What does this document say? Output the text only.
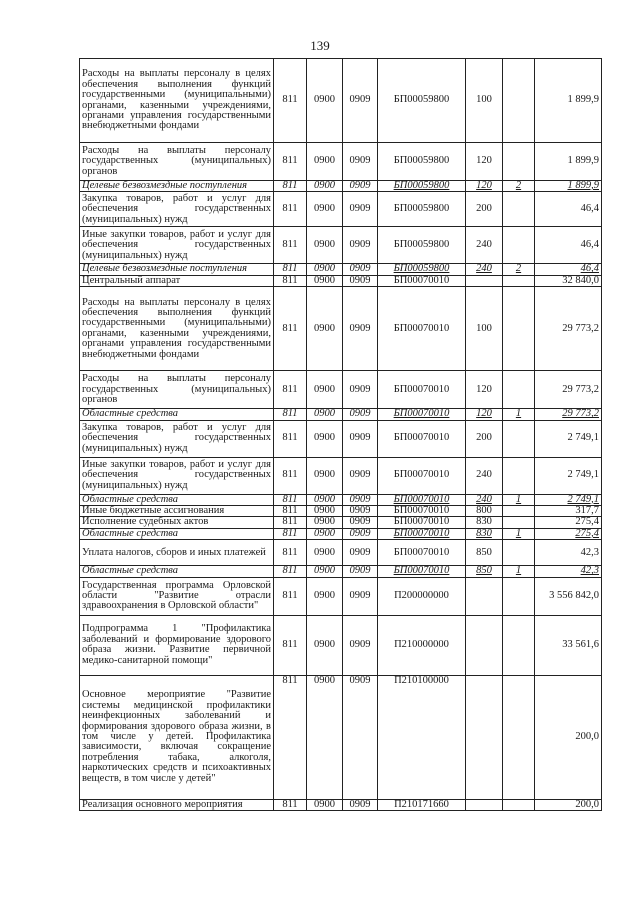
139
Расходы на выплаты персоналу в целях обеспечения выполнения функций государственными (муниципальными) органами, казенными учреждениями, органами управления государственными внебюджетными фондами	811	0900	0909	БП00059800	100		1 899,9
Расходы на выплаты персоналу государственных (муниципальных) органов	811	0900	0909	БП00059800	120		1 899,9
Целевые безвозмездные поступления	811	0900	0909	БП00059800	120	2	1 899,9
Закупка товаров, работ и услуг для обеспечения государственных (муниципальных) нужд	811	0900	0909	БП00059800	200		46,4
Иные закупки товаров, работ и услуг для обеспечения государственных (муниципальных) нужд	811	0900	0909	БП00059800	240		46,4
Целевые безвозмездные поступления	811	0900	0909	БП00059800	240	2	46,4
Центральный аппарат	811	0900	0909	БП00070010			32 840,0
Расходы на выплаты персоналу в целях обеспечения выполнения функций государственными (муниципальными) органами, казенными учреждениями, органами управления государственными внебюджетными фондами	811	0900	0909	БП00070010	100		29 773,2
Расходы на выплаты персоналу государственных (муниципальных) органов	811	0900	0909	БП00070010	120		29 773,2
Областные средства	811	0900	0909	БП00070010	120	1	29 773,2
Закупка товаров, работ и услуг для обеспечения государственных (муниципальных) нужд	811	0900	0909	БП00070010	200		2 749,1
Иные закупки товаров, работ и услуг для обеспечения государственных (муниципальных) нужд	811	0900	0909	БП00070010	240		2 749,1
Областные средства	811	0900	0909	БП00070010	240	1	2 749,1
Иные бюджетные ассигнования	811	0900	0909	БП00070010	800		317,7
Исполнение судебных актов	811	0900	0909	БП00070010	830		275,4
Областные средства	811	0900	0909	БП00070010	830	1	275,4
Уплата налогов, сборов и иных платежей	811	0900	0909	БП00070010	850		42,3
Областные средства	811	0900	0909	БП00070010	850	1	42,3
Государственная программа Орловской области "Развитие отрасли здравоохранения в Орловской области"	811	0900	0909	П200000000			3 556 842,0
Подпрограмма 1 "Профилактика заболеваний и формирование здорового образа жизни. Развитие первичной медико-санитарной помощи"	811	0900	0909	П210000000			33 561,6
Основное мероприятие "Развитие системы медицинской профилактики неинфекционных заболеваний и формирования здорового образа жизни, в том числе у детей. Профилактика зависимости, включая сокращение потребления табака, алкоголя, наркотических средств и психоактивных веществ, в том числе у детей"	811	0900	0909	П210100000			200,0
Реализация основного мероприятия	811	0900	0909	П210171660			200,0
